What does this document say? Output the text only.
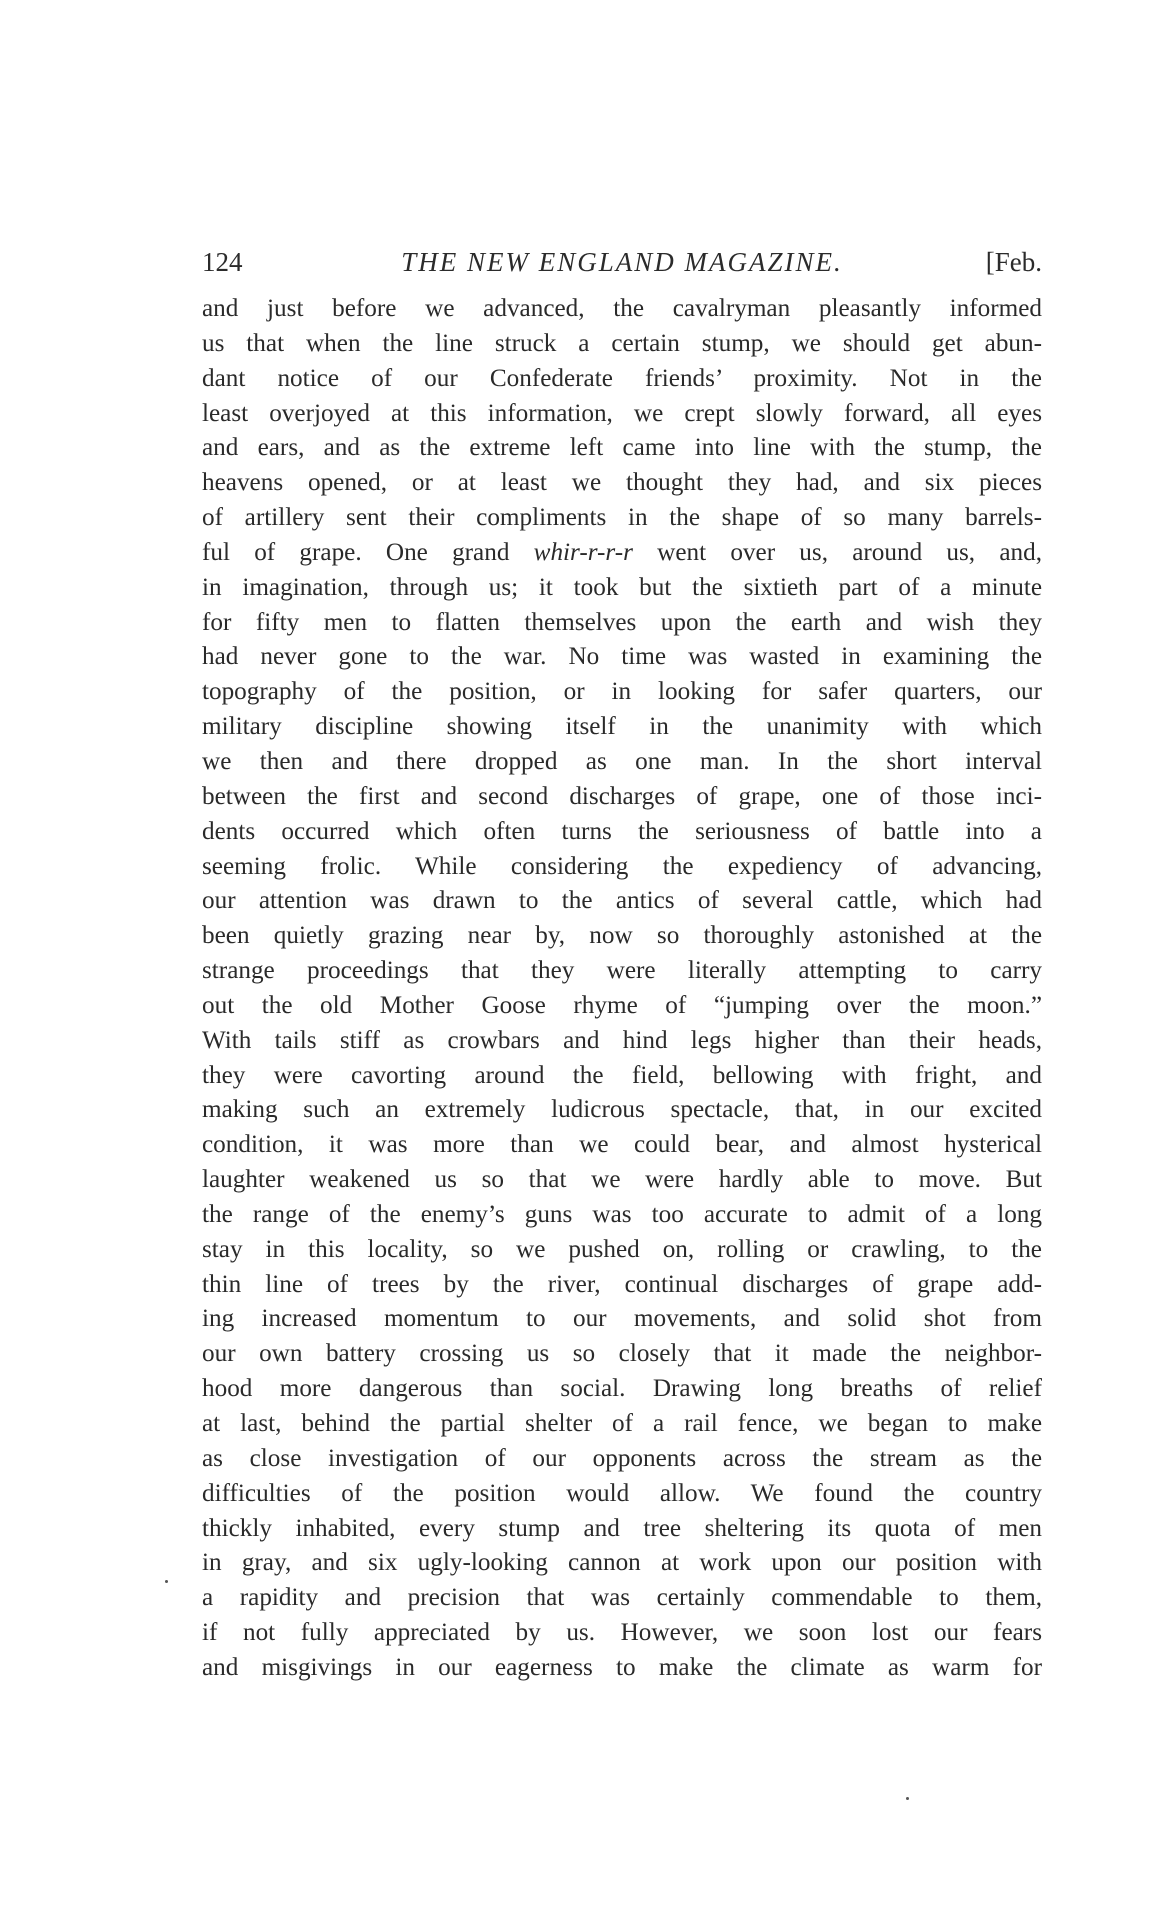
124	THE NEW ENGLAND MAGAZINE.	[Feb.
and just before we advanced, the cavalryman pleasantly informed
us that when the line struck a certain stump, we should get abun-
dant notice of our Confederate friends’ proximity. Not in the
least overjoyed at this information, we crept slowly forward, all eyes
and ears, and as the extreme left came into line with the stump, the
heavens opened, or at least we thought they had, and six pieces
of artillery sent their compliments in the shape of so many barrels-
ful of grape. One grand whir-r-r-r went over us, around us, and,
in imagination, through us; it took but the sixtieth part of a minute
for fifty men to flatten themselves upon the earth and wish they
had never gone to the war. No time was wasted in examining the
topography of the position, or in looking for safer quarters, our
military discipline showing itself in the unanimity with which
we then and there dropped as one man. In the short interval
between the first and second discharges of grape, one of those inci-
dents occurred which often turns the seriousness of battle into a
seeming frolic. While considering the expediency of advancing,
our attention was drawn to the antics of several cattle, which had
been quietly grazing near by, now so thoroughly astonished at the
strange proceedings that they were literally attempting to carry
out the old Mother Goose rhyme of “jumping over the moon.”
With tails stiff as crowbars and hind legs higher than their heads,
they were cavorting around the field, bellowing with fright, and
making such an extremely ludicrous spectacle, that, in our excited
condition, it was more than we could bear, and almost hysterical
laughter weakened us so that we were hardly able to move. But
the range of the enemy’s guns was too accurate to admit of a long
stay in this locality, so we pushed on, rolling or crawling, to the
thin line of trees by the river, continual discharges of grape add-
ing increased momentum to our movements, and solid shot from
our own battery crossing us so closely that it made the neighbor-
hood more dangerous than social. Drawing long breaths of relief
at last, behind the partial shelter of a rail fence, we began to make
as close investigation of our opponents across the stream as the
difficulties of the position would allow. We found the country
thickly inhabited, every stump and tree sheltering its quota of men
in gray, and six ugly-looking cannon at work upon our position with
a rapidity and precision that was certainly commendable to them,
if not fully appreciated by us. However, we soon lost our fears
and misgivings in our eagerness to make the climate as warm for
